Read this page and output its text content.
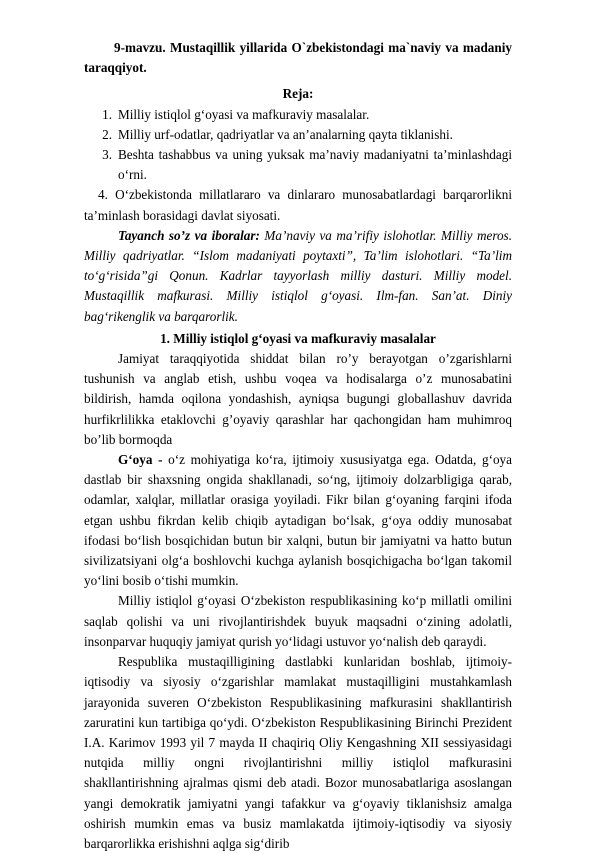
9-mavzu. Mustaqillik yillarida O`zbekistondagi ma`naviy va madaniy taraqqiyot.

Reja:

1. Milliy istiqlol g‘oyasi va mafkuraviy masalalar.
2. Milliy urf-odatlar, qadriyatlar va an’analarning qayta tiklanishi.
3. Beshta tashabbus va uning yuksak ma’naviy madaniyatni ta’minlashdagi o‘rni.

4. O‘zbekistonda millatlararo va dinlararo munosabatlardagi barqarorlikni ta’minlash borasidagi davlat siyosati.

Tayanch so’z va iboralar: Ma’naviy va ma’rifiy islohotlar. Milliy meros. Milliy qadriyatlar. “Islom madaniyati poytaxti”, Ta’lim islohotlari. “Ta’lim to‘g‘risida”gi Qonun. Kadrlar tayyorlash milliy dasturi. Milliy model. Mustaqillik mafkurasi. Milliy istiqlol g‘oyasi. Ilm-fan. San’at. Diniy bag‘rikenglik va barqarorlik.

1. Milliy istiqlol g‘oyasi va mafkuraviy masalalar

Jamiyat taraqqiyotida shiddat bilan ro’y berayotgan o’zgarishlarni tushunish va anglab etish, ushbu voqea va hodisalarga o’z munosabatini bildirish, hamda oqilona yondashish, ayniqsa bugungi globallashuv davrida hurfikrlilikka etaklovchi g’oyaviy qarashlar har qachongidan ham muhimroq bo’lib bormoqda

G‘oya - o‘z mohiyatiga ko‘ra, ijtimoiy xususiyatga ega. Odatda, g‘oya dastlab bir shaxsning ongida shakllanadi, so‘ng, ijtimoiy dolzarbligiga qarab, odamlar, xalqlar, millatlar orasiga yoyiladi. Fikr bilan g‘oyaning farqini ifoda etgan ushbu fikrdan kelib chiqib aytadigan bo‘lsak, g‘oya oddiy munosabat ifodasi bo‘lish bosqichidan butun bir xalqni, butun bir jamiyatni va hatto butun sivilizatsiyani olg‘a boshlovchi kuchga aylanish bosqichigacha bo‘lgan takomil yo‘lini bosib o‘tishi mumkin.

Milliy istiqlol g‘oyasi O‘zbekiston respublikasining ko‘p millatli omilini saqlab qolishi va uni rivojlantirishdek buyuk maqsadni o‘zining adolatli, insonparvar huquqiy jamiyat qurish yo‘lidagi ustuvor yo‘nalish deb qaraydi.

Respublika mustaqilligining dastlabki kunlaridan boshlab, ijtimoiy-iqtisodiy va siyosiy o‘zgarishlar mamlakat mustaqilligini mustahkamlash jarayonida suveren O‘zbekiston Respublikasining mafkurasini shakllantirish zaruratini kun tartibiga qo‘ydi. O‘zbekiston Respublikasining Birinchi Prezident I.A. Karimov 1993 yil 7 mayda II chaqiriq Oliy Kengashning XII sessiyasidagi nutqida milliy ongni rivojlantirishni milliy istiqlol mafkurasini shakllantirishning ajralmas qismi deb atadi. Bozor munosabatlariga asoslangan yangi demokratik jamiyatni yangi tafakkur va g‘oyaviy tiklanishsiz amalga oshirish mumkin emas va busiz mamlakatda ijtimoiy-iqtisodiy va siyosiy barqarorlikka erishishni aqlga sig‘dirib
